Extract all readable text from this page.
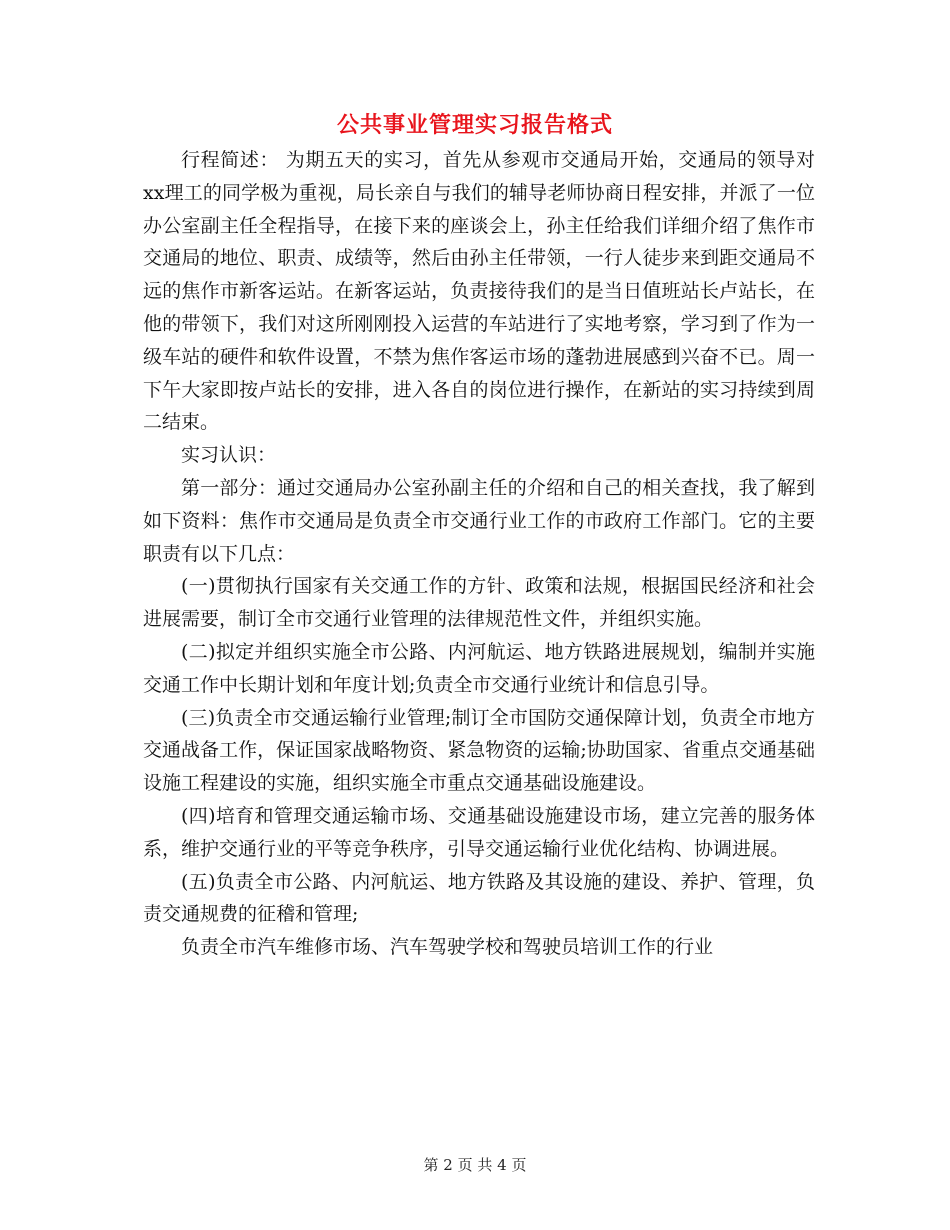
公共事业管理实习报告格式

行程简述： 为期五天的实习，首先从参观市交通局开始，交通局的领导对xx理工的同学极为重视，局长亲自与我们的辅导老师协商日程安排，并派了一位办公室副主任全程指导，在接下来的座谈会上，孙主任给我们详细介绍了焦作市交通局的地位、职责、成绩等，然后由孙主任带领，一行人徒步来到距交通局不远的焦作市新客运站。在新客运站，负责接待我们的是当日值班站长卢站长，在他的带领下，我们对这所刚刚投入运营的车站进行了实地考察，学习到了作为一级车站的硬件和软件设置，不禁为焦作客运市场的蓬勃进展感到兴奋不已。周一下午大家即按卢站长的安排，进入各自的岗位进行操作，在新站的实习持续到周二结束。

实习认识：

第一部分：通过交通局办公室孙副主任的介绍和自己的相关查找，我了解到如下资料：焦作市交通局是负责全市交通行业工作的市政府工作部门。它的主要职责有以下几点：

(一)贯彻执行国家有关交通工作的方针、政策和法规，根据国民经济和社会进展需要，制订全市交通行业管理的法律规范性文件，并组织实施。

(二)拟定并组织实施全市公路、内河航运、地方铁路进展规划，编制并实施交通工作中长期计划和年度计划;负责全市交通行业统计和信息引导。

(三)负责全市交通运输行业管理;制订全市国防交通保障计划，负责全市地方交通战备工作，保证国家战略物资、紧急物资的运输;协助国家、省重点交通基础设施工程建设的实施，组织实施全市重点交通基础设施建设。

(四)培育和管理交通运输市场、交通基础设施建设市场，建立完善的服务体系，维护交通行业的平等竞争秩序，引导交通运输行业优化结构、协调进展。

(五)负责全市公路、内河航运、地方铁路及其设施的建设、养护、管理，负责交通规费的征稽和管理;

负责全市汽车维修市场、汽车驾驶学校和驾驶员培训工作的行业

第 2 页 共 4 页
